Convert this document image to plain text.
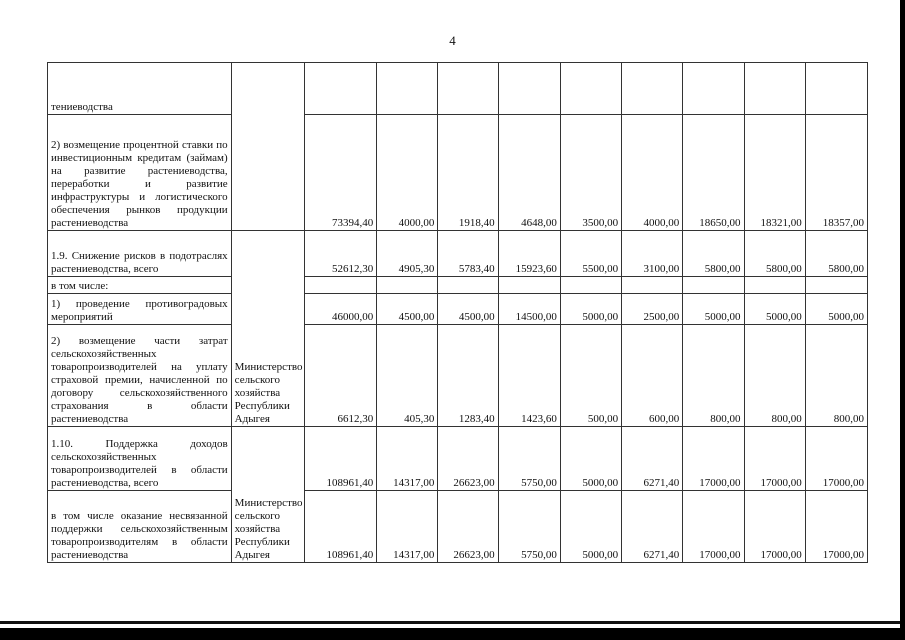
4
тениеводства										
2) возмещение процентной ставки по инвестиционным кредитам (займам) на развитие растениеводства, переработки и развитие инфраструктуры и логистического обеспечения рынков продукции растениеводства		73394,40	4000,00	1918,40	4648,00	3500,00	4000,00	18650,00	18321,00	18357,00
1.9. Снижение рисков в подотраслях растениеводства, всего	Министерство сельского хозяйства Республики Адыгея	52612,30	4905,30	5783,40	15923,60	5500,00	3100,00	5800,00	5800,00	5800,00
в том числе:										
1) проведение противоградовых мероприятий		46000,00	4500,00	4500,00	14500,00	5000,00	2500,00	5000,00	5000,00	5000,00
2) возмещение части затрат сельскохозяйственных товаропроизводителей на уплату страховой премии, начисленной по договору сельскохозяйственного страхования в области растениеводства		6612,30	405,30	1283,40	1423,60	500,00	600,00	800,00	800,00	800,00
1.10. Поддержка доходов сельскохозяйственных товаропроизводителей в области растениеводства, всего	Министерство сельского хозяйства Республики Адыгея	108961,40	14317,00	26623,00	5750,00	5000,00	6271,40	17000,00	17000,00	17000,00
в том числе оказание несвязанной поддержки сельскохозяйственным товаропроизводителям в области растениеводства		108961,40	14317,00	26623,00	5750,00	5000,00	6271,40	17000,00	17000,00	17000,00
